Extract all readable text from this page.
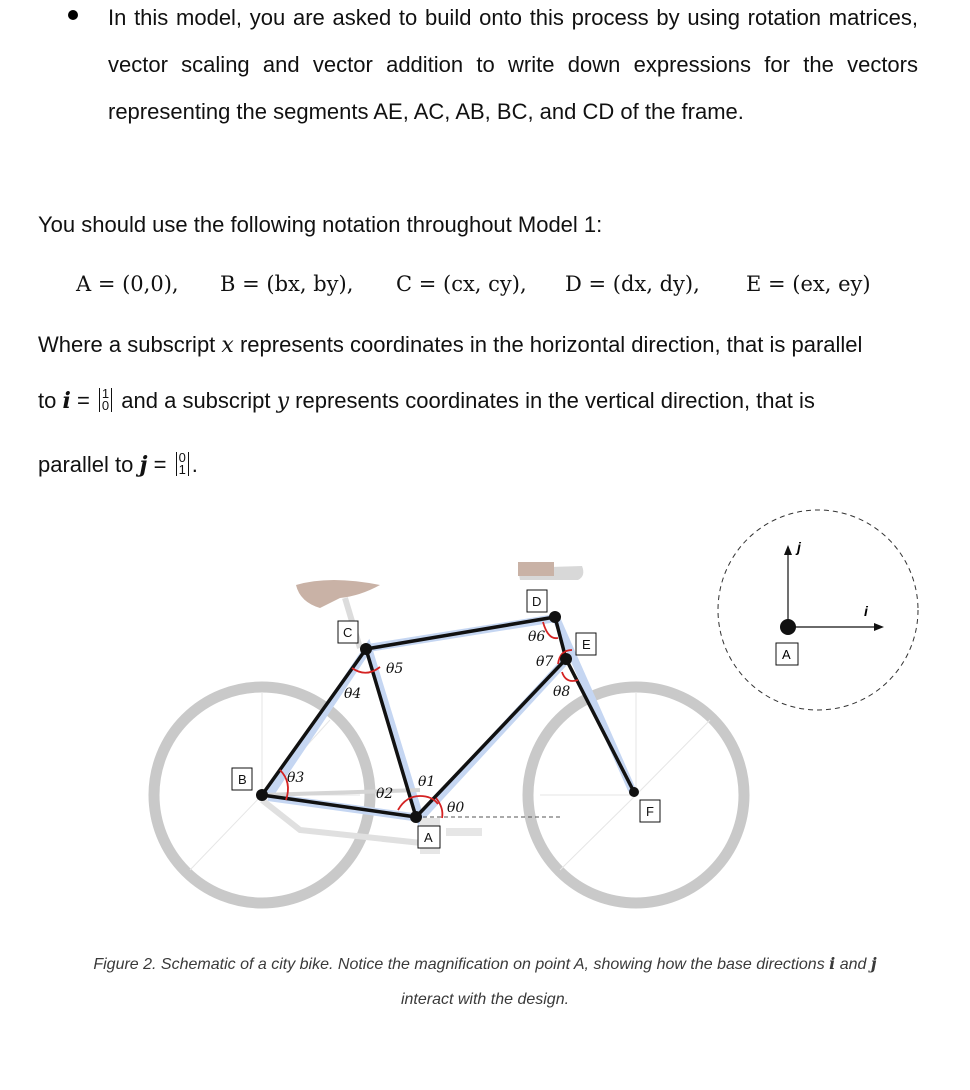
In this model, you are asked to build onto this process by using rotation matrices, vector scaling and vector addition to write down expressions for the vectors representing the segments AE, AC, AB, BC, and CD of the frame.
You should use the following notation throughout Model 1:
A = (0,0), B = (bx, by), C = (cx, cy), D = (dx, dy), E = (ex, ey)
Where a subscript x represents coordinates in the horizontal direction, that is parallel
to i = 1
0 and a subscript y represents coordinates in the vertical direction, that is
parallel to j = 0
1 .
B
C
D
E
F
A
θ0
θ1
θ2
θ3
θ4
θ5
θ6
θ7
θ8
j
i
A
Figure 2. Schematic of a city bike. Notice the magnification on point A, showing how the base directions i and j
interact with the design.
